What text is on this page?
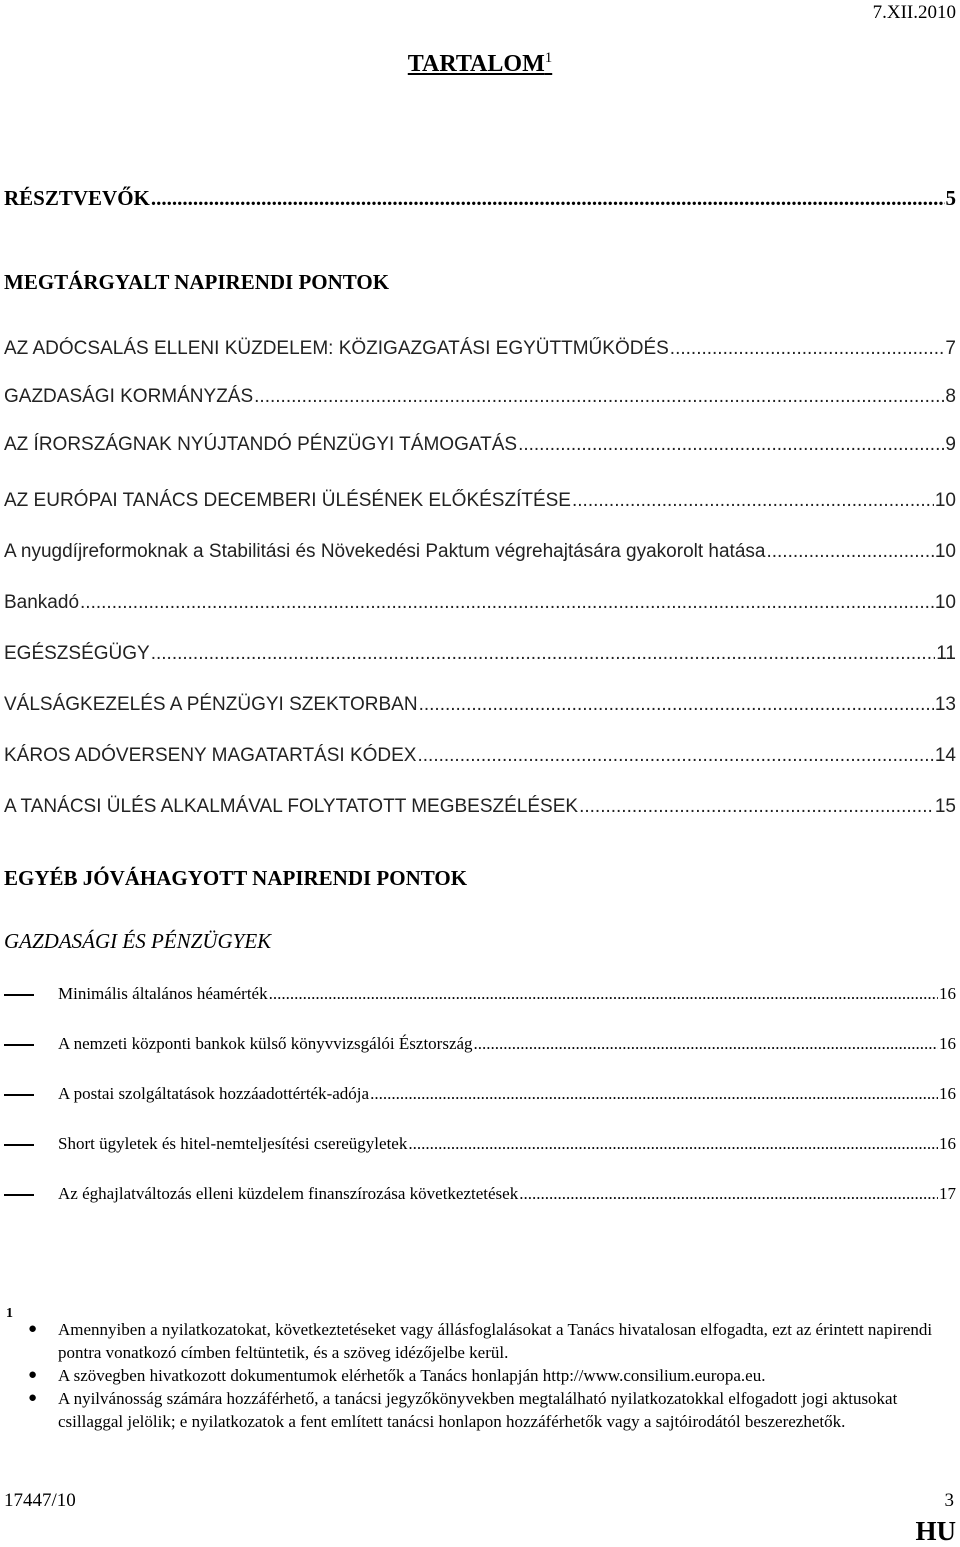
7.XII.2010
TARTALOM$^1$
RÉSZTVEVŐK .....	5
MEGTÁRGYALT NAPIRENDI PONTOK
AZ ADÓCSALÁS ELLENI KÜZDELEM: KÖZIGAZGATÁSI EGYÜTTMŰKÖDÉS .....	7
GAZDASÁGI KORMÁNYZÁS .....	8
AZ ÍRORSZÁGNAK NYÚJTANDÓ PÉNZÜGYI TÁMOGATÁS .....	9
AZ EURÓPAI TANÁCS DECEMBERI ÜLÉSÉNEK ELŐKÉSZÍTÉSE .....	10
A nyugdíjreformoknak a Stabilitási és Növekedési Paktum végrehajtására gyakorolt hatása .....	10
Bankadó .....	10
EGÉSZSÉGÜGY .....	11
VÁLSÁGKEZELÉS A PÉNZÜGYI SZEKTORBAN .....	13
KÁROS ADÓVERSENY MAGATARTÁSI KÓDEX .....	14
A TANÁCSI ÜLÉS ALKALMÁVAL FOLYTATOTT MEGBESZÉLÉSEK .....	15
EGYÉB JÓVÁHAGYOTT NAPIRENDI PONTOK
GAZDASÁGI ÉS PÉNZÜGYEK
Minimális általános héamérték .....	16
A nemzeti központi bankok külső könyvvizsgálói Észtország .....	16
A postai szolgáltatások hozzáadottérték-adója .....	16
Short ügyletek és hitel-nemteljesítési csereügyletek .....	16
Az éghajlatváltozás elleni küzdelem finanszírozása következtetések .....	17
1
●	Amennyiben a nyilatkozatokat, következtetéseket vagy állásfoglalásokat a Tanács hivatalosan elfogadta, ezt az érintett napirendi pontra vonatkozó címben feltüntetik, és a szöveg idézőjelbe kerül.
●	A szövegben hivatkozott dokumentumok elérhetők a Tanács honlapján http://www.consilium.europa.eu.
●	A nyilvánosság számára hozzáférhető, a tanácsi jegyzőkönyvekben megtalálható nyilatkozatokkal elfogadott jogi aktusokat csillaggal jelölik; e nyilatkozatok a fent említett tanácsi honlapon hozzáférhetők vagy a sajtóirodától beszerezhetők.
17447/10	3
HU
